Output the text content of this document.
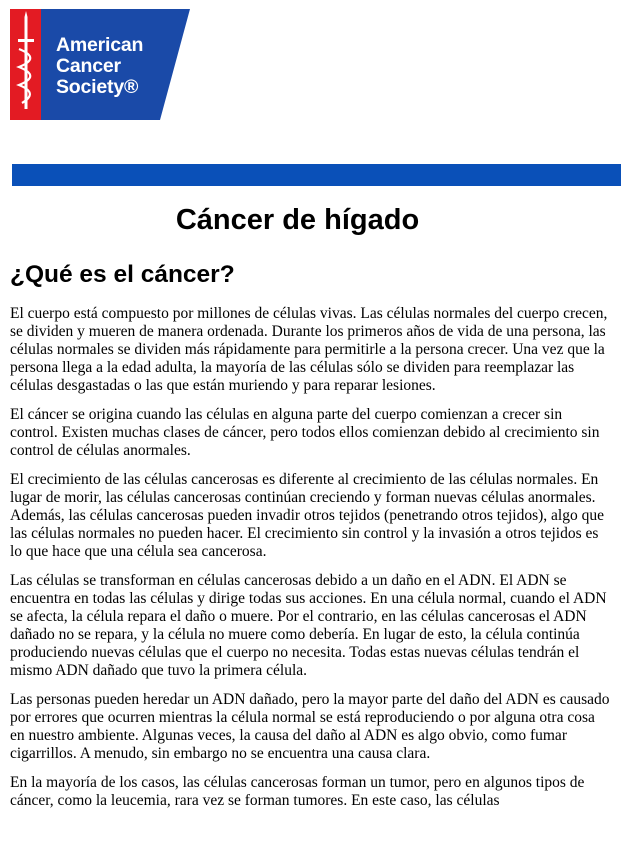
American
Cancer
Society®
Cáncer de hígado
¿Qué es el cáncer?

El cuerpo está compuesto por millones de células vivas. Las células normales del cuerpo crecen, se dividen y mueren de manera ordenada. Durante los primeros años de vida de una persona, las células normales se dividen más rápidamente para permitirle a la persona crecer. Una vez que la persona llega a la edad adulta, la mayoría de las células sólo se dividen para reemplazar las células desgastadas o las que están muriendo y para reparar lesiones.

El cáncer se origina cuando las células en alguna parte del cuerpo comienzan a crecer sin control. Existen muchas clases de cáncer, pero todos ellos comienzan debido al crecimiento sin control de células anormales.

El crecimiento de las células cancerosas es diferente al crecimiento de las células normales. En lugar de morir, las células cancerosas continúan creciendo y forman nuevas células anormales. Además, las células cancerosas pueden invadir otros tejidos (penetrando otros tejidos), algo que las células normales no pueden hacer. El crecimiento sin control y la invasión a otros tejidos es lo que hace que una célula sea cancerosa.

Las células se transforman en células cancerosas debido a un daño en el ADN. El ADN se encuentra en todas las células y dirige todas sus acciones. En una célula normal, cuando el ADN se afecta, la célula repara el daño o muere. Por el contrario, en las células cancerosas el ADN dañado no se repara, y la célula no muere como debería. En lugar de esto, la célula continúa produciendo nuevas células que el cuerpo no necesita. Todas estas nuevas células tendrán el mismo ADN dañado que tuvo la primera célula.

Las personas pueden heredar un ADN dañado, pero la mayor parte del daño del ADN es causado por errores que ocurren mientras la célula normal se está reproduciendo o por alguna otra cosa en nuestro ambiente. Algunas veces, la causa del daño al ADN es algo obvio, como fumar cigarrillos. A menudo, sin embargo no se encuentra una causa clara.

En la mayoría de los casos, las células cancerosas forman un tumor, pero en algunos tipos de cáncer, como la leucemia, rara vez se forman tumores. En este caso, las células
